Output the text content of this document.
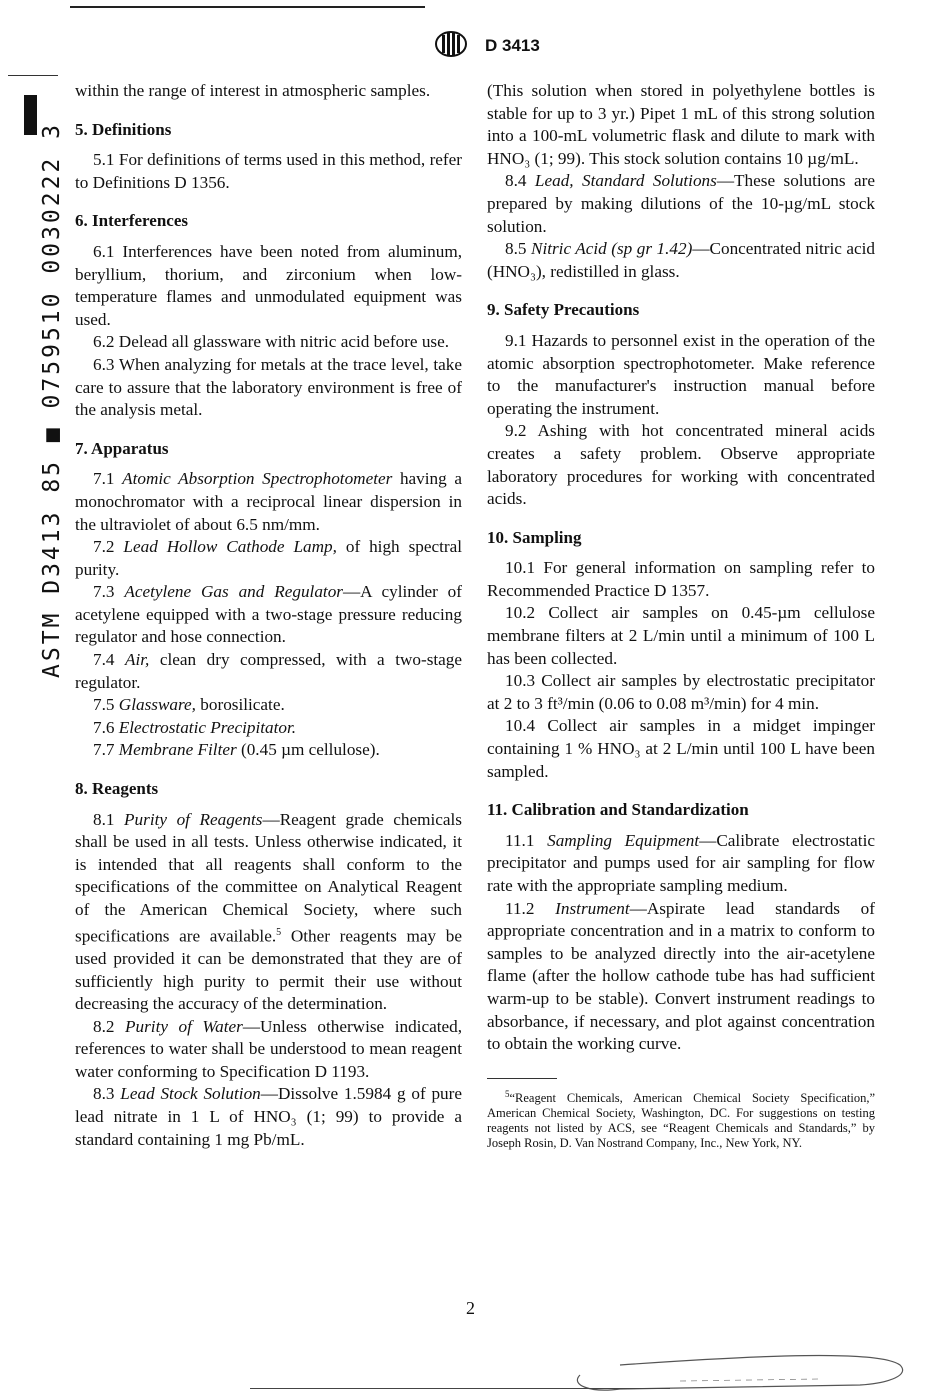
D 3413
ASTM D3413 85 ■ 0759510 0030222 3

within the range of interest in atmospheric samples.

5. Definitions

5.1 For definitions of terms used in this method, refer to Definitions D 1356.

6. Interferences

6.1 Interferences have been noted from aluminum, beryllium, thorium, and zirconium when low-temperature flames and unmodulated equipment was used.

6.2 Delead all glassware with nitric acid before use.

6.3 When analyzing for metals at the trace level, take care to assure that the laboratory environment is free of the analysis metal.

7. Apparatus

7.1 Atomic Absorption Spectrophotometer having a monochromator with a reciprocal linear dispersion in the ultraviolet of about 6.5 nm/mm.

7.2 Lead Hollow Cathode Lamp, of high spectral purity.

7.3 Acetylene Gas and Regulator—A cylinder of acetylene equipped with a two-stage pressure reducing regulator and hose connection.

7.4 Air, clean dry compressed, with a two-stage regulator.

7.5 Glassware, borosilicate.

7.6 Electrostatic Precipitator.

7.7 Membrane Filter (0.45 µm cellulose).

8. Reagents

8.1 Purity of Reagents—Reagent grade chemicals shall be used in all tests. Unless otherwise indicated, it is intended that all reagents shall conform to the specifications of the committee on Analytical Reagent of the American Chemical Society, where such specifications are available.$^5$ Other reagents may be used provided it can be demonstrated that they are of sufficiently high purity to permit their use without decreasing the accuracy of the determination.

8.2 Purity of Water—Unless otherwise indicated, references to water shall be understood to mean reagent water conforming to Specification D 1193.

8.3 Lead Stock Solution—Dissolve 1.5984 g of pure lead nitrate in 1 L of HNO₃ (1; 99) to provide a standard containing 1 mg Pb/mL.

(This solution when stored in polyethylene bottles is stable for up to 3 yr.) Pipet 1 mL of this strong solution into a 100-mL volumetric flask and dilute to mark with HNO₃ (1; 99). This stock solution contains 10 µg/mL.

8.4 Lead, Standard Solutions—These solutions are prepared by making dilutions of the 10-µg/mL stock solution.

8.5 Nitric Acid (sp gr 1.42)—Concentrated nitric acid (HNO₃), redistilled in glass.

9. Safety Precautions

9.1 Hazards to personnel exist in the operation of the atomic absorption spectrophotometer. Make reference to the manufacturer's instruction manual before operating the instrument.

9.2 Ashing with hot concentrated mineral acids creates a safety problem. Observe appropriate laboratory procedures for working with concentrated acids.

10. Sampling

10.1 For general information on sampling refer to Recommended Practice D 1357.

10.2 Collect air samples on 0.45-µm cellulose membrane filters at 2 L/min until a minimum of 100 L has been collected.

10.3 Collect air samples by electrostatic precipitator at 2 to 3 ft³/min (0.06 to 0.08 m³/min) for 4 min.

10.4 Collect air samples in a midget impinger containing 1 % HNO₃ at 2 L/min until 100 L have been sampled.

11. Calibration and Standardization

11.1 Sampling Equipment—Calibrate electrostatic precipitator and pumps used for air sampling for flow rate with the appropriate sampling medium.

11.2 Instrument—Aspirate lead standards of appropriate concentration and in a matrix to conform to samples to be analyzed directly into the air-acetylene flame (after the hollow cathode tube has had sufficient warm-up to be stable). Convert instrument readings to absorbance, if necessary, and plot against concentration to obtain the working curve.

$^5$“Reagent Chemicals, American Chemical Society Specification,” American Chemical Society, Washington, DC. For suggestions on testing reagents not listed by ACS, see “Reagent Chemicals and Standards,” by Joseph Rosin, D. Van Nostrand Company, Inc., New York, NY.

2
